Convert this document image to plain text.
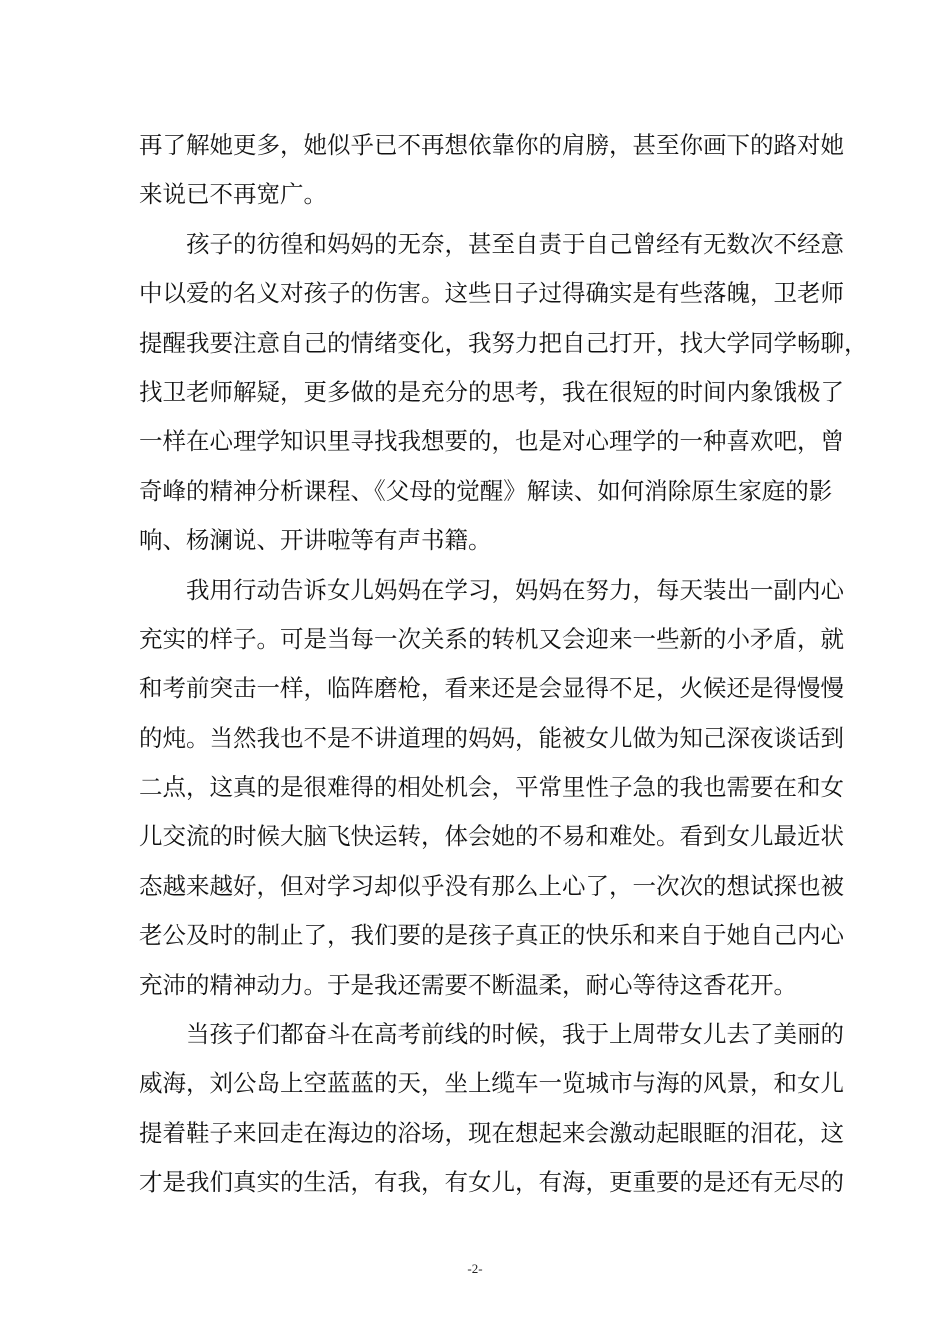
再了解她更多，她似乎已不再想依靠你的肩膀，甚至你画下的路对她
来说已不再宽广。
孩子的彷徨和妈妈的无奈，甚至自责于自己曾经有无数次不经意
中以爱的名义对孩子的伤害。这些日子过得确实是有些落魄，卫老师
提醒我要注意自己的情绪变化，我努力把自己打开，找大学同学畅聊，
找卫老师解疑，更多做的是充分的思考，我在很短的时间内象饿极了
一样在心理学知识里寻找我想要的，也是对心理学的一种喜欢吧，曾
奇峰的精神分析课程、《父母的觉醒》解读、如何消除原生家庭的影
响、杨澜说、开讲啦等有声书籍。
我用行动告诉女儿妈妈在学习，妈妈在努力，每天装出一副内心
充实的样子。可是当每一次关系的转机又会迎来一些新的小矛盾，就
和考前突击一样，临阵磨枪，看来还是会显得不足，火候还是得慢慢
的炖。当然我也不是不讲道理的妈妈，能被女儿做为知己深夜谈话到
二点，这真的是很难得的相处机会，平常里性子急的我也需要在和女
儿交流的时候大脑飞快运转，体会她的不易和难处。看到女儿最近状
态越来越好，但对学习却似乎没有那么上心了，一次次的想试探也被
老公及时的制止了，我们要的是孩子真正的快乐和来自于她自己内心
充沛的精神动力。于是我还需要不断温柔，耐心等待这香花开。
当孩子们都奋斗在高考前线的时候，我于上周带女儿去了美丽的
威海，刘公岛上空蓝蓝的天，坐上缆车一览城市与海的风景，和女儿
提着鞋子来回走在海边的浴场，现在想起来会激动起眼眶的泪花，这
才是我们真实的生活，有我，有女儿，有海，更重要的是还有无尽的
-2-
